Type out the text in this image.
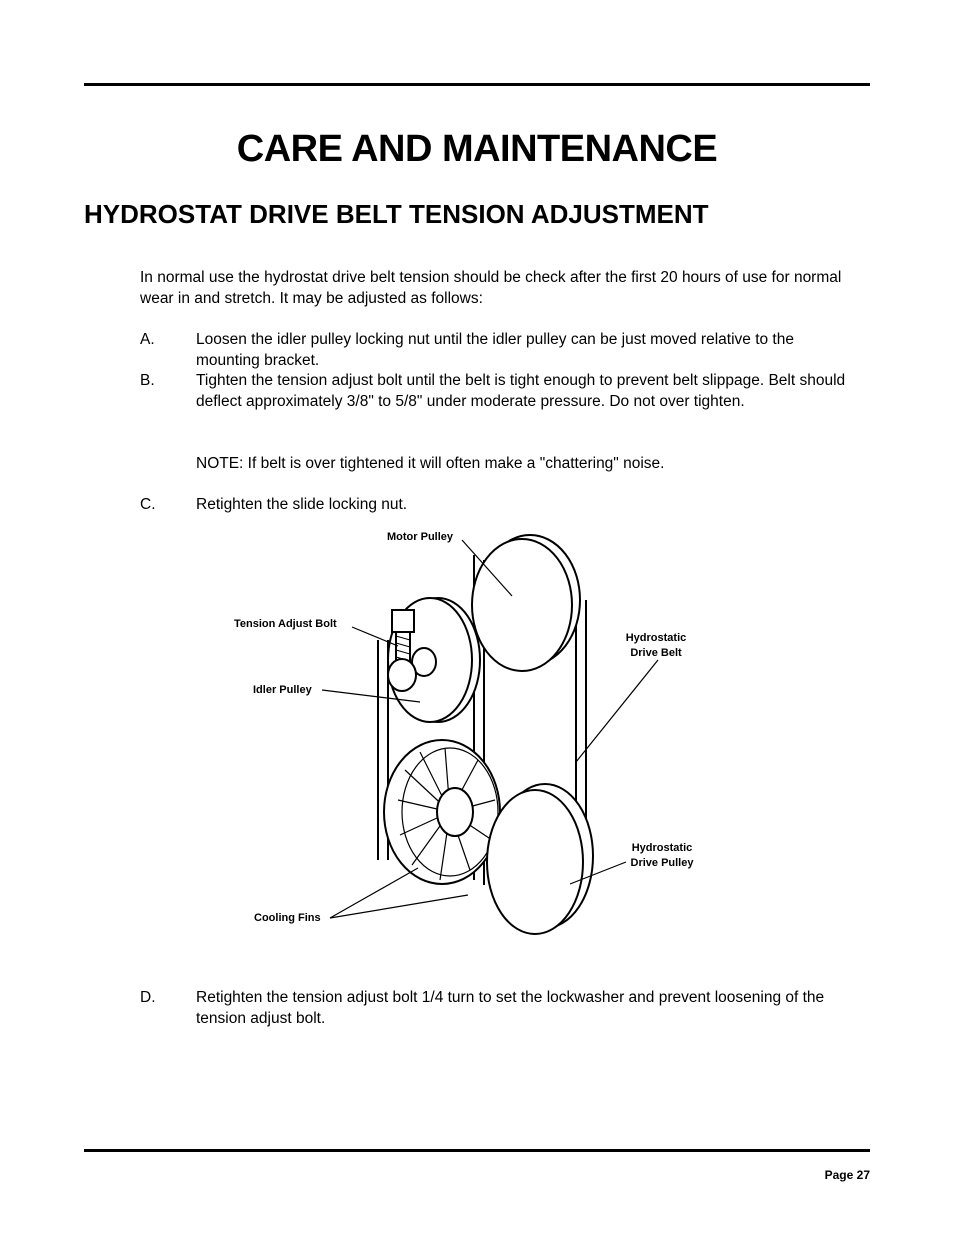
CARE AND MAINTENANCE
HYDROSTAT DRIVE BELT TENSION ADJUSTMENT

In normal use the hydrostat drive belt tension should be check after the first 20 hours of use for normal wear in and stretch. It may be adjusted as follows:

A.	Loosen the idler pulley locking nut until the idler pulley can be just moved relative to the mounting bracket.
B.	Tighten the tension adjust bolt until the belt is tight enough to prevent belt slippage. Belt should deflect approximately 3/8" to 5/8" under moderate pressure. Do not over tighten.
NOTE: If belt is over tightened it will often make a "chattering" noise.
C.	Retighten the slide locking nut.
Motor Pulley
Tension Adjust Bolt
Idler Pulley
Hydrostatic
Drive Belt
Hydrostatic
Drive Pulley
Cooling Fins
D.	Retighten the tension adjust bolt 1/4 turn to set the lockwasher and prevent loosening of the tension adjust bolt.
Page 27
